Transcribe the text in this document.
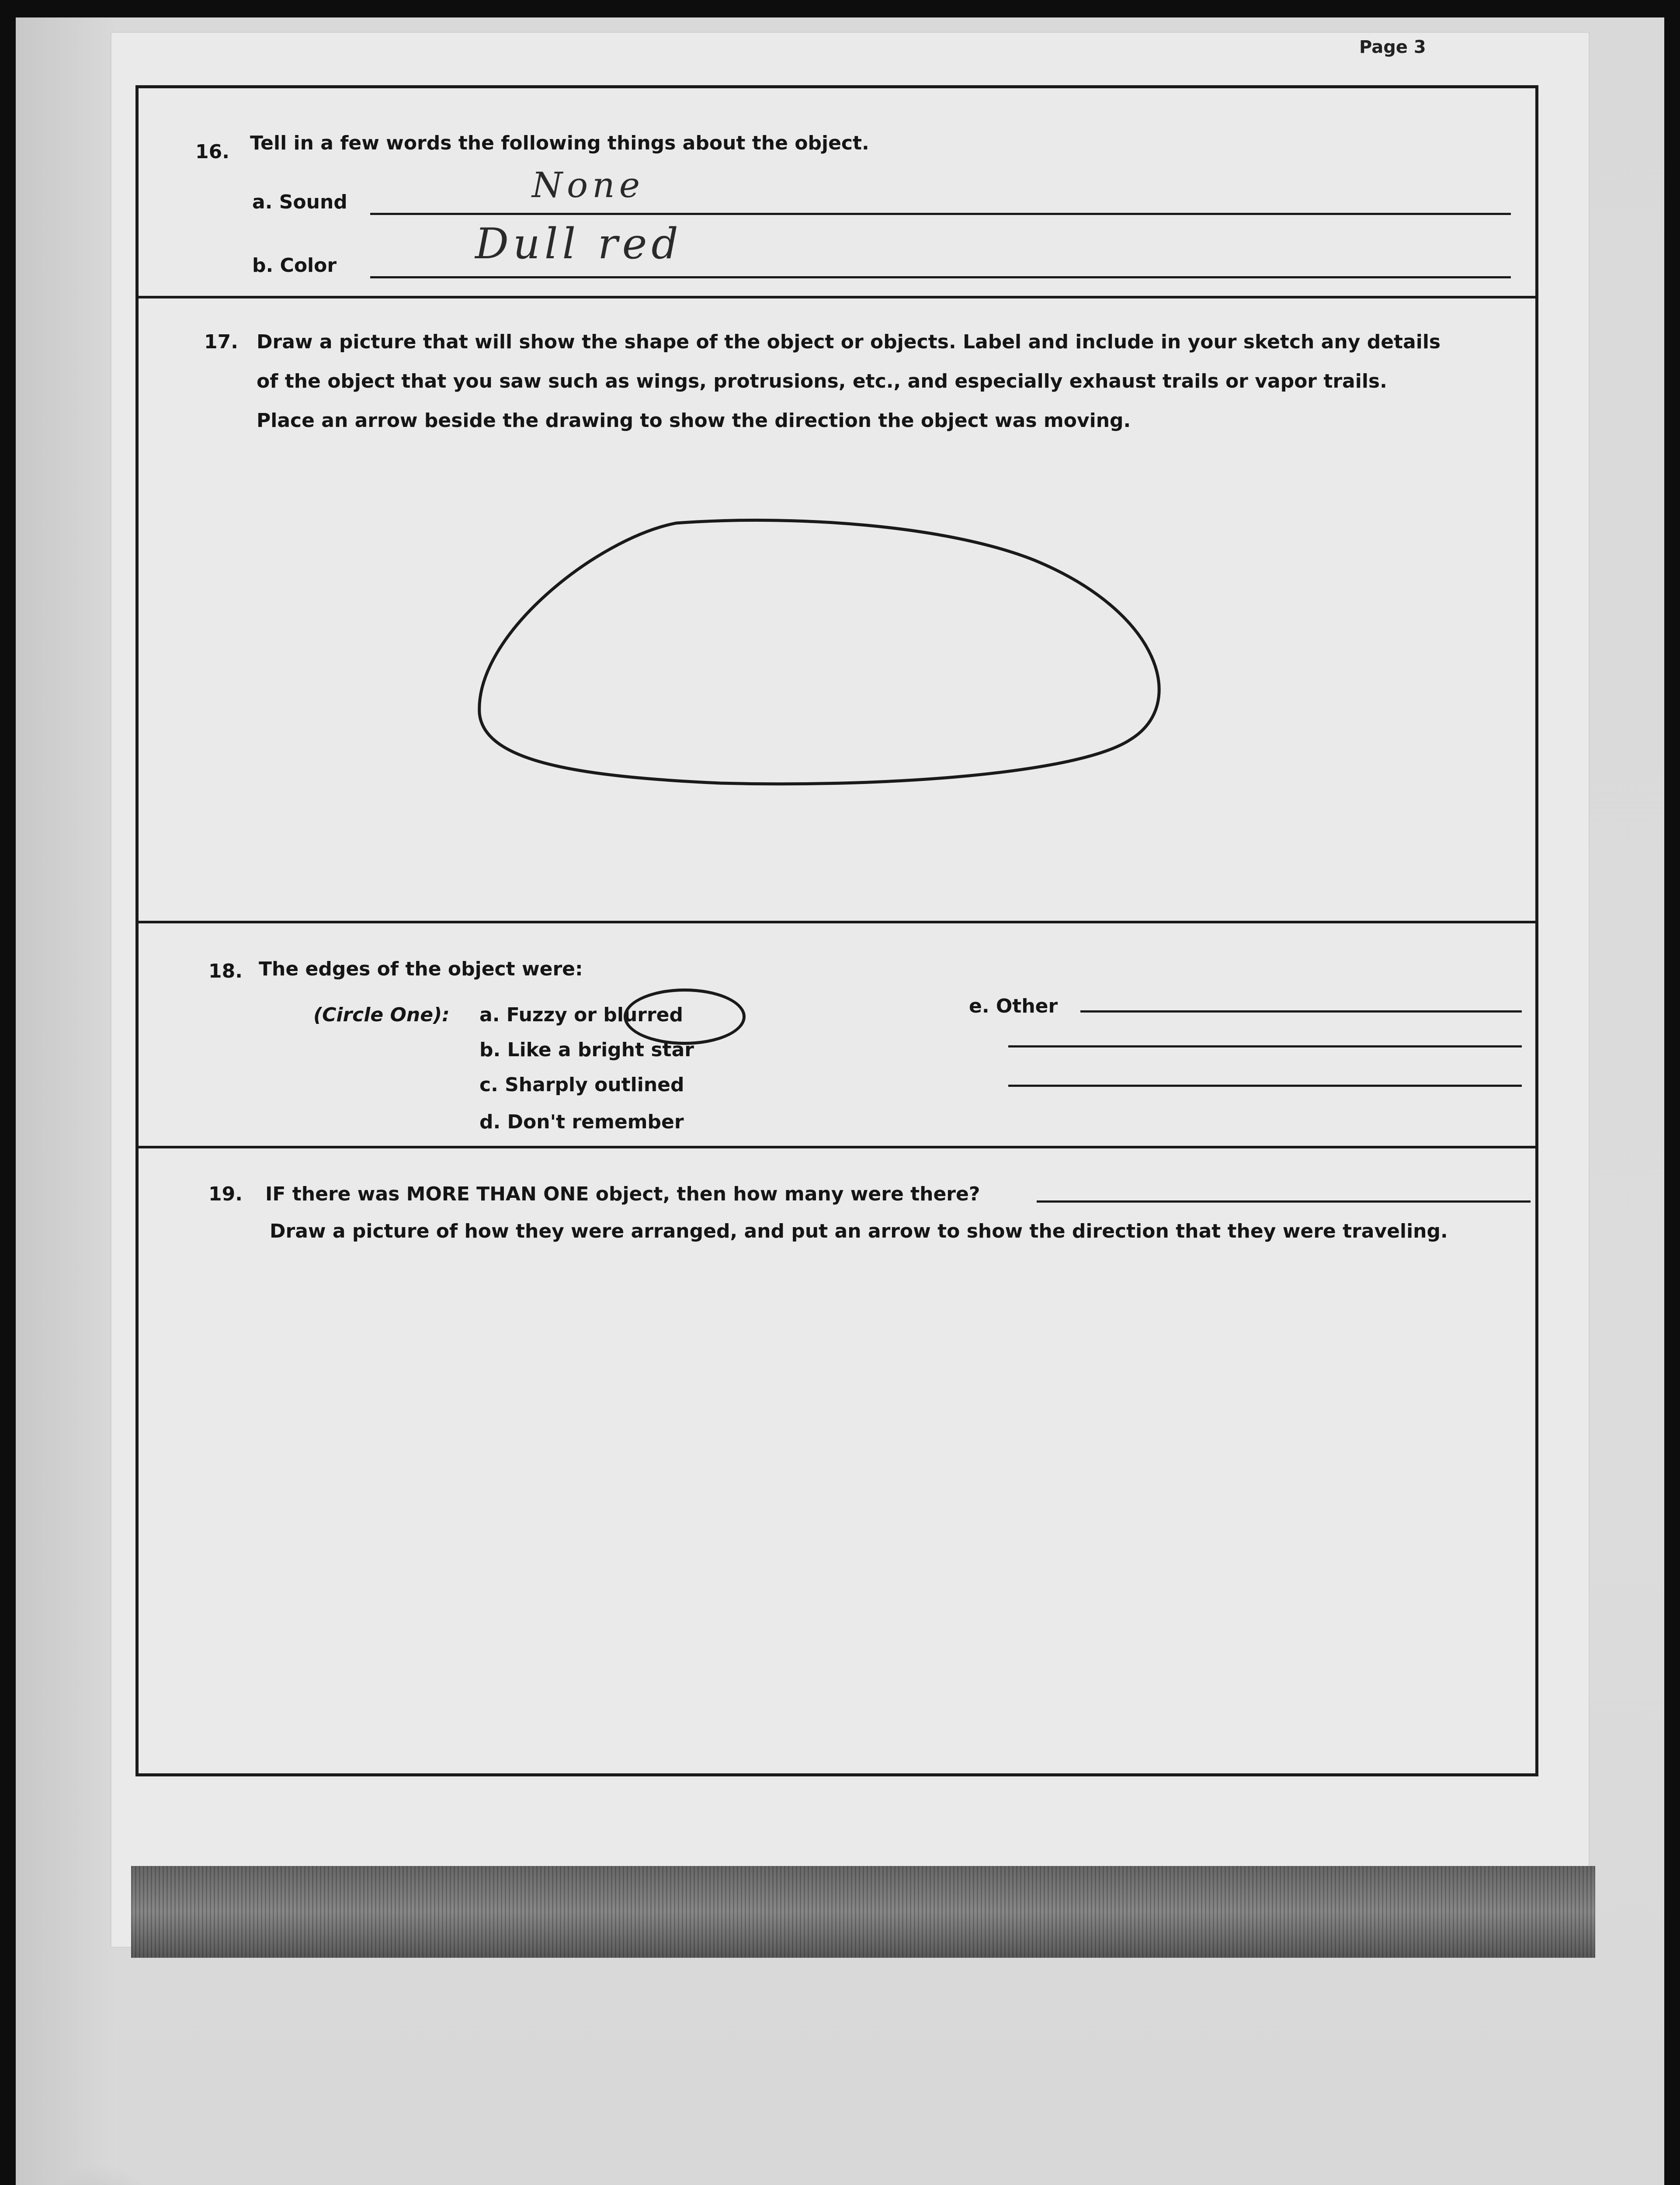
Page 3
16. Tell in a few words the following things about the object.
a. Sound	None
b. Color	Dull red
17. Draw a picture that will show the shape of the object or objects. Label and include in your sketch any details
of the object that you saw such as wings, protrusions, etc., and especially exhaust trails or vapor trails.
Place an arrow beside the drawing to show the direction the object was moving.
18. The edges of the object were:
(Circle One): a. Fuzzy or blurred
b. Like a bright star
c. Sharply outlined
d. Don't remember
e. Other
19. IF there was MORE THAN ONE object, then how many were there?
Draw a picture of how they were arranged, and put an arrow to show the direction that they were traveling.
